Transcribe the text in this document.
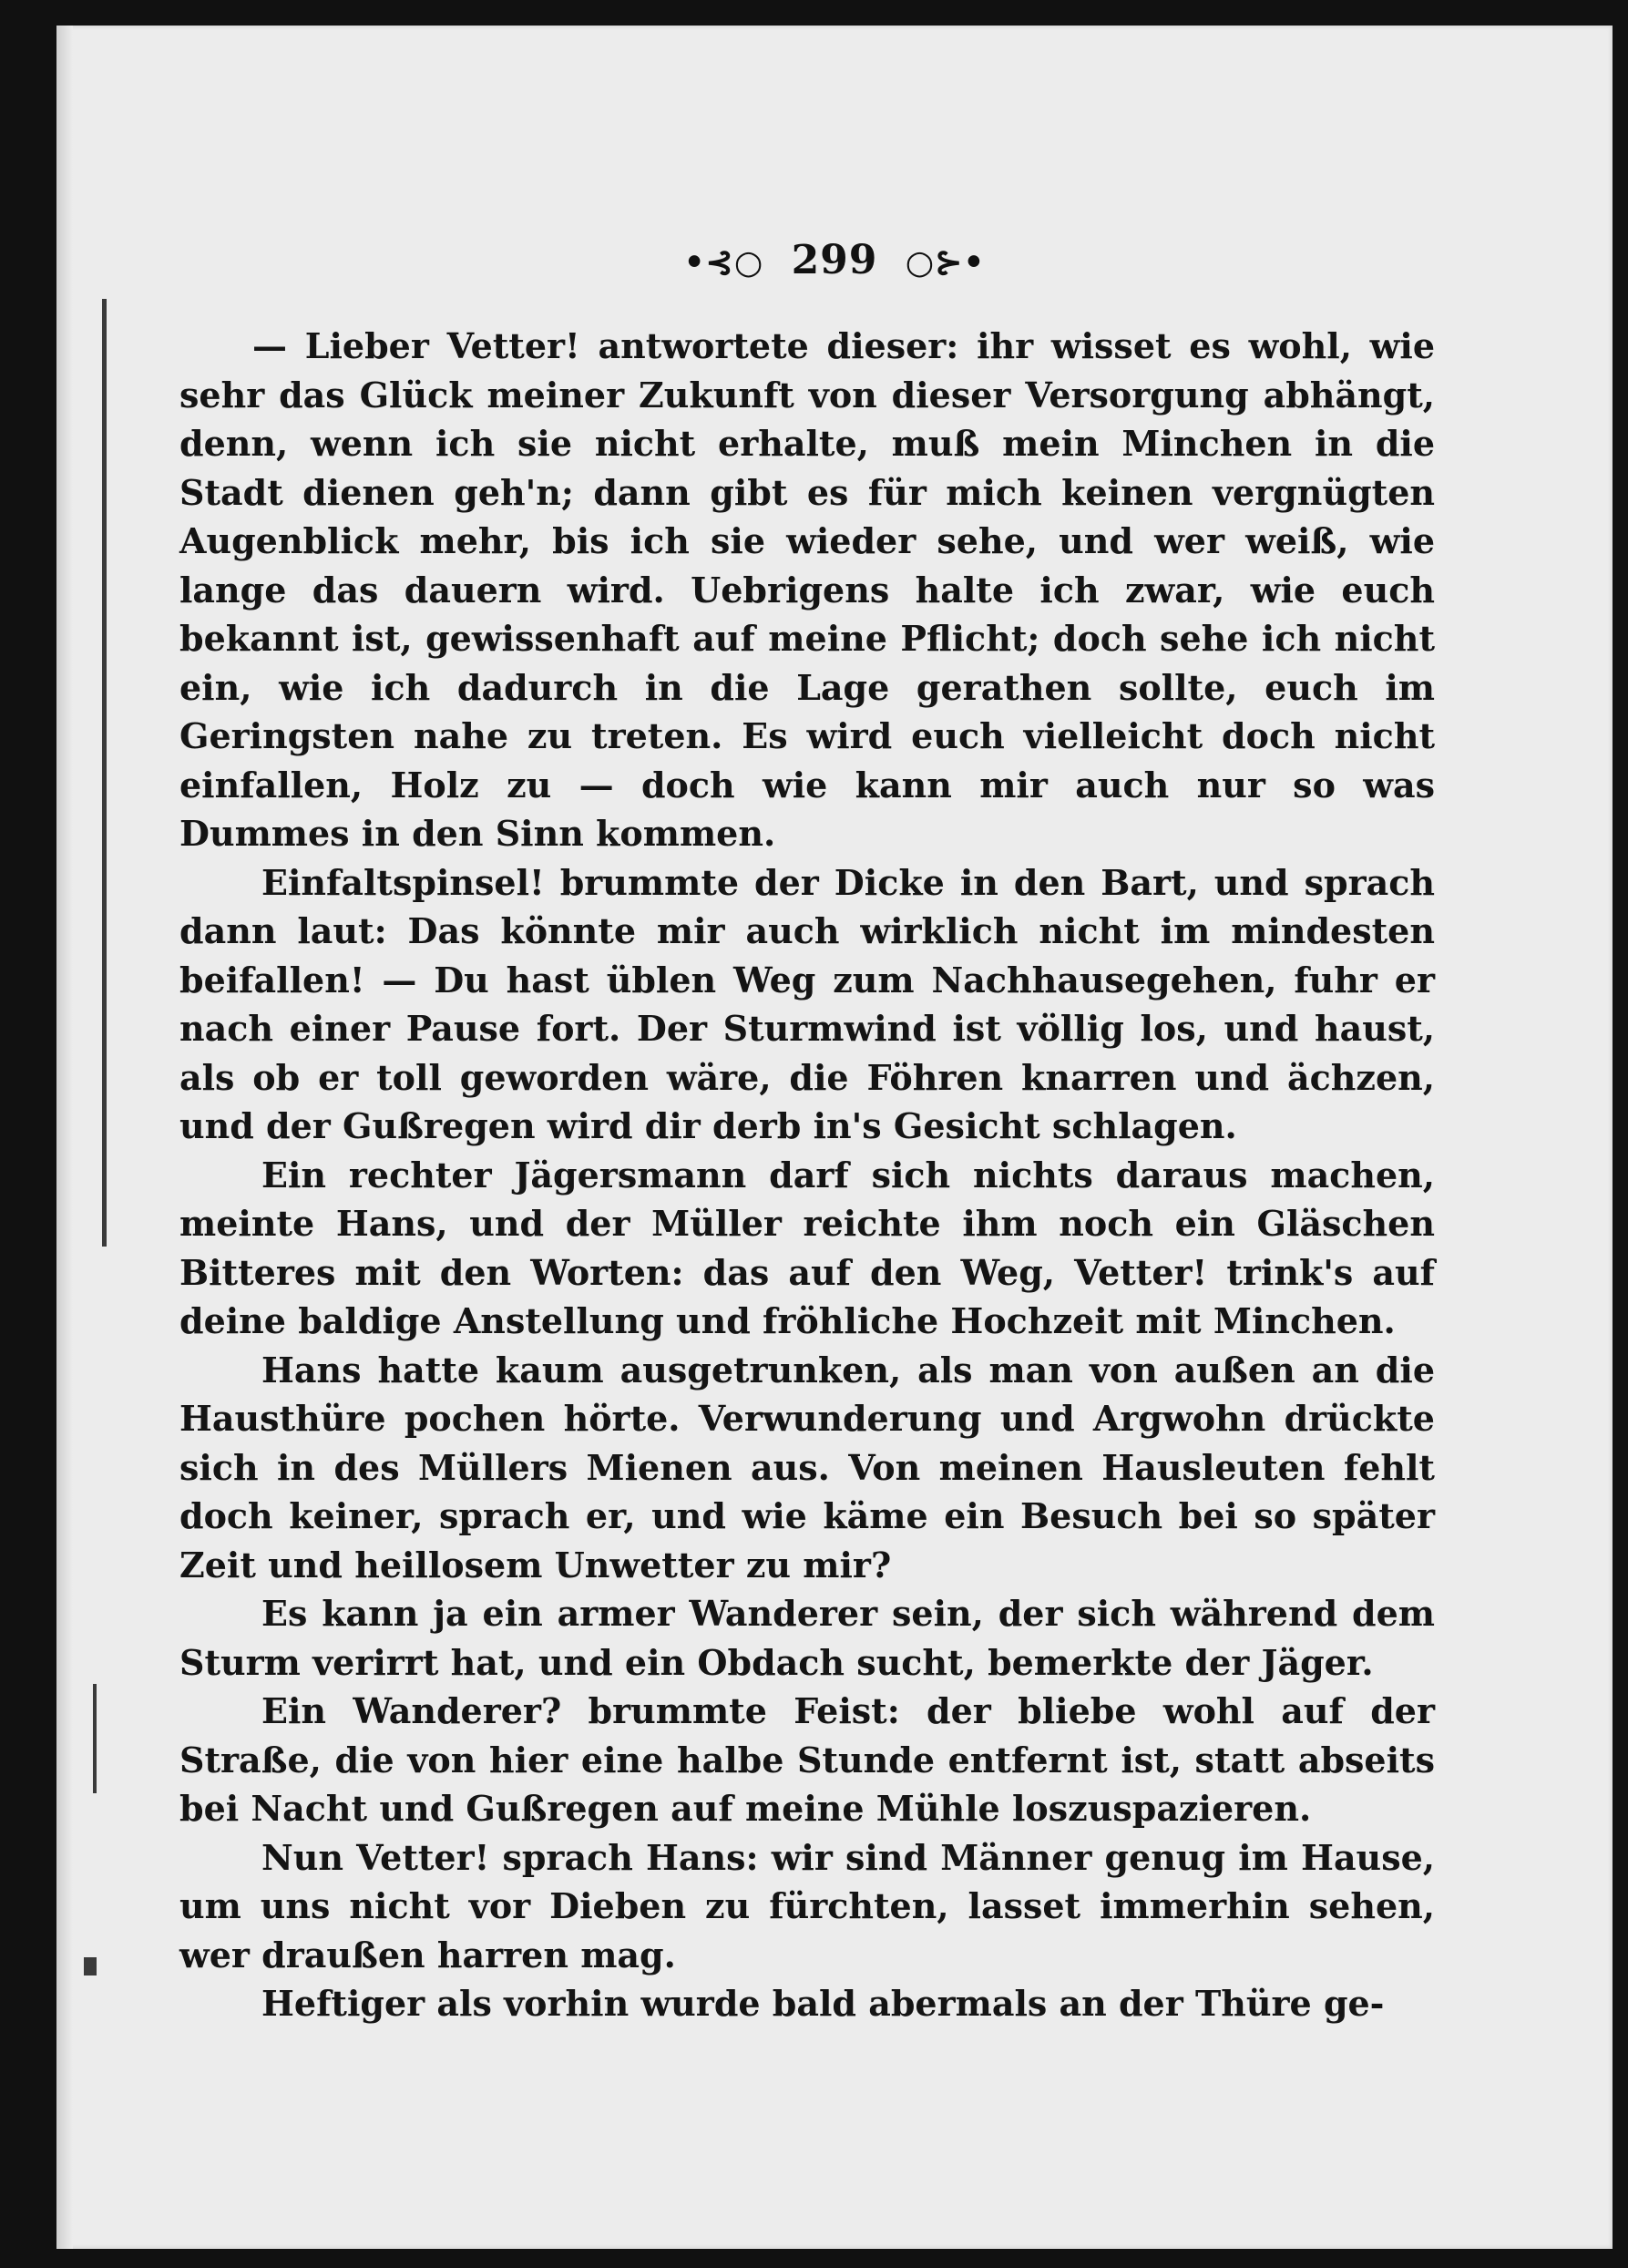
•⊰○ 299 ○⊱•

— Lieber Vetter! antwortete dieser: ihr wisset es wohl, wie sehr das Glück meiner Zukunft von dieser Versorgung abhängt, denn, wenn ich sie nicht erhalte, muß mein Minchen in die Stadt dienen geh'n; dann gibt es für mich keinen vergnügten Augenblick mehr, bis ich sie wieder sehe, und wer weiß, wie lange das dauern wird. Uebrigens halte ich zwar, wie euch bekannt ist, gewissenhaft auf meine Pflicht; doch sehe ich nicht ein, wie ich dadurch in die Lage gerathen sollte, euch im Geringsten nahe zu treten. Es wird euch vielleicht doch nicht einfallen, Holz zu — doch wie kann mir auch nur so was Dummes in den Sinn kommen.

Einfaltspinsel! brummte der Dicke in den Bart, und sprach dann laut: Das könnte mir auch wirklich nicht im mindesten beifallen! — Du hast üblen Weg zum Nachhausegehen, fuhr er nach einer Pause fort. Der Sturmwind ist völlig los, und haust, als ob er toll geworden wäre, die Föhren knarren und ächzen, und der Gußregen wird dir derb in's Gesicht schlagen.

Ein rechter Jägersmann darf sich nichts daraus machen, meinte Hans, und der Müller reichte ihm noch ein Gläschen Bitteres mit den Worten: das auf den Weg, Vetter! trink's auf deine baldige Anstellung und fröhliche Hochzeit mit Minchen.

Hans hatte kaum ausgetrunken, als man von außen an die Hausthüre pochen hörte. Verwunderung und Argwohn drückte sich in des Müllers Mienen aus. Von meinen Hausleuten fehlt doch keiner, sprach er, und wie käme ein Besuch bei so später Zeit und heillosem Unwetter zu mir?

Es kann ja ein armer Wanderer sein, der sich während dem Sturm verirrt hat, und ein Obdach sucht, bemerkte der Jäger.

Ein Wanderer? brummte Feist: der bliebe wohl auf der Straße, die von hier eine halbe Stunde entfernt ist, statt abseits bei Nacht und Gußregen auf meine Mühle loszuspazieren.

Nun Vetter! sprach Hans: wir sind Männer genug im Hause, um uns nicht vor Dieben zu fürchten, lasset immerhin sehen, wer draußen harren mag.

Heftiger als vorhin wurde bald abermals an der Thüre ge-
